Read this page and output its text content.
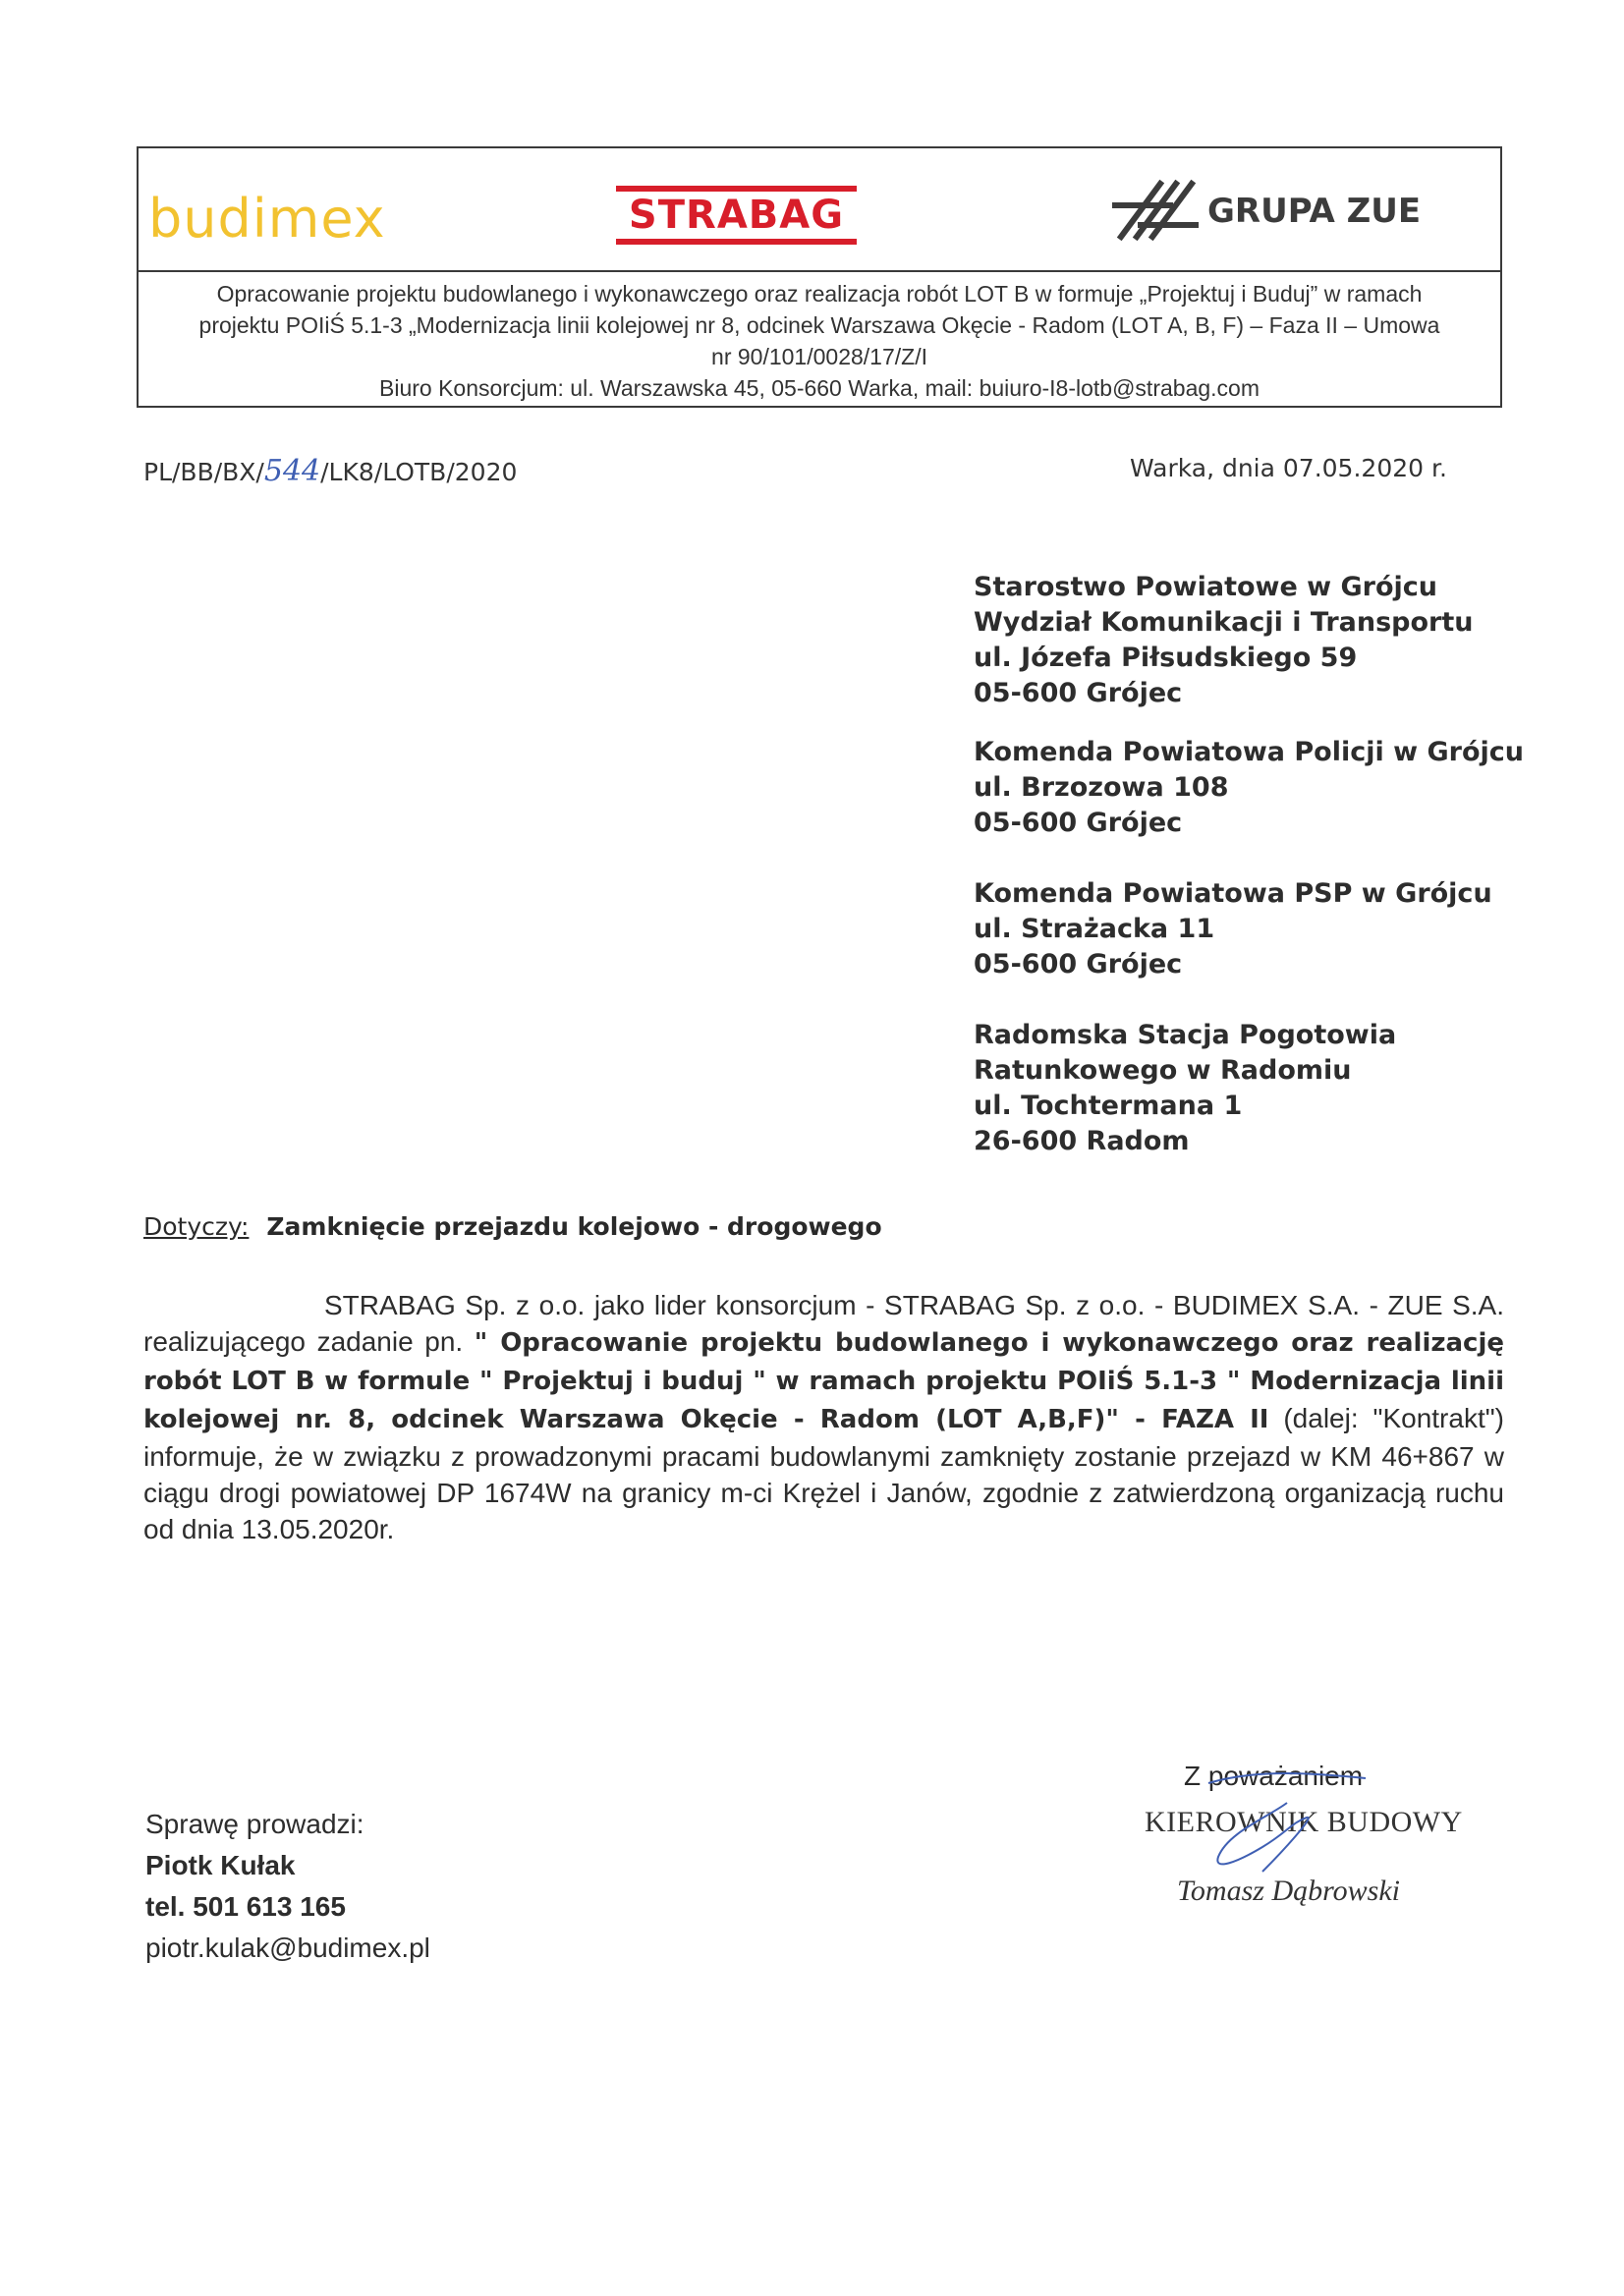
budimex	STRABAG	GRUPA ZUE
Opracowanie projektu budowlanego i wykonawczego oraz realizacja robót LOT B w formuje „Projektuj i Buduj” w ramach
projektu POIiŚ 5.1-3 „Modernizacja linii kolejowej nr 8, odcinek Warszawa Okęcie - Radom (LOT A, B, F) – Faza II – Umowa
nr 90/101/0028/17/Z/I
Biuro Konsorcjum: ul. Warszawska 45, 05-660 Warka, mail: buiuro-I8-lotb@strabag.com
PL/BB/BX/544/LK8/LOTB/2020	Warka, dnia 07.05.2020 r.
Starostwo Powiatowe w Grójcu
Wydział Komunikacji i Transportu
ul. Józefa Piłsudskiego 59
05-600 Grójec
Komenda Powiatowa Policji w Grójcu
ul. Brzozowa 108
05-600 Grójec
Komenda Powiatowa PSP w Grójcu
ul. Strażacka 11
05-600 Grójec
Radomska Stacja Pogotowia
Ratunkowego w Radomiu
ul. Tochtermana 1
26-600 Radom
Dotyczy: Zamknięcie przejazdu kolejowo - drogowego

STRABAG Sp. z o.o. jako lider konsorcjum - STRABAG Sp. z o.o. - BUDIMEX S.A. - ZUE S.A. realizującego zadanie pn. " Opracowanie projektu budowlanego i wykonawczego oraz realizację robót LOT B w formule " Projektuj i buduj " w ramach projektu POIiŚ 5.1-3 " Modernizacja linii kolejowej nr. 8, odcinek Warszawa Okęcie - Radom (LOT A,B,F)" - FAZA II (dalej: "Kontrakt") informuje, że w związku z prowadzonymi pracami budowlanymi zamknięty zostanie przejazd w KM 46+867 w ciągu drogi powiatowej DP 1674W na granicy m-ci Krężel i Janów, zgodnie z zatwierdzoną organizacją ruchu od dnia 13.05.2020r.

Sprawę prowadzi:
Piotk Kułak
tel. 501 613 165
piotr.kulak@budimex.pl
Z poważaniem
KIEROWNIK BUDOWY
Tomasz Dąbrowski
